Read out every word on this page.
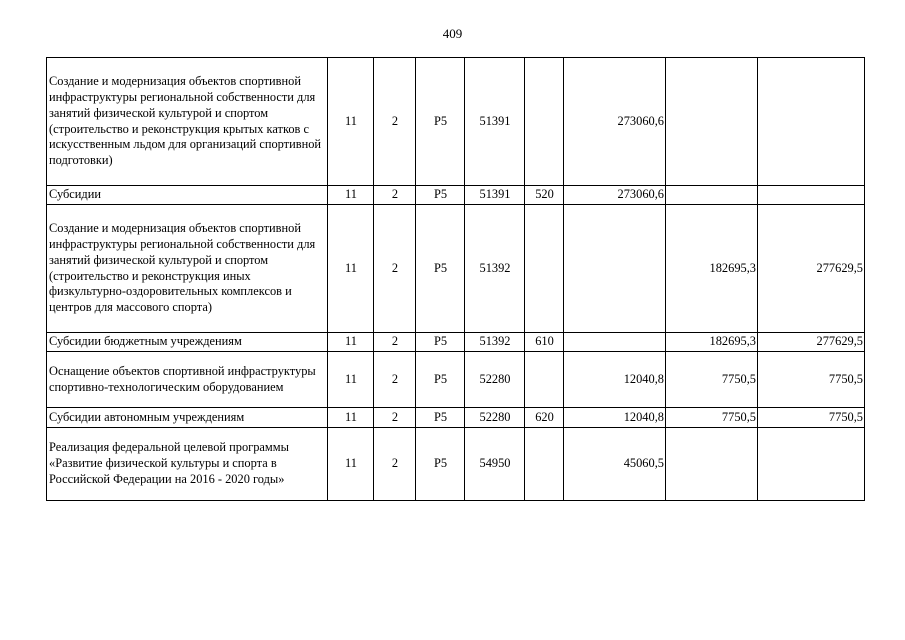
409
Создание и модернизация объектов спортивной инфраструктуры региональной собственности для занятий физической культурой и спортом (строительство и реконструкция крытых катков с искусственным льдом для организаций спортивной подготовки)	11	2	Р5	51391		273060,6		
Субсидии	11	2	Р5	51391	520	273060,6		
Создание и модернизация объектов спортивной инфраструктуры региональной собственности для занятий физической культурой и спортом (строительство и реконструкция иных физкультурно-оздоровительных комплексов и центров для массового спорта)	11	2	Р5	51392			182695,3	277629,5
Субсидии бюджетным учреждениям	11	2	Р5	51392	610		182695,3	277629,5
Оснащение объектов спортивной инфраструктуры спортивно-технологическим оборудованием	11	2	Р5	52280		12040,8	7750,5	7750,5
Субсидии автономным учреждениям	11	2	Р5	52280	620	12040,8	7750,5	7750,5
Реализация федеральной целевой программы «Развитие физической культуры и спорта в Российской Федерации на 2016 - 2020 годы»	11	2	Р5	54950		45060,5		
